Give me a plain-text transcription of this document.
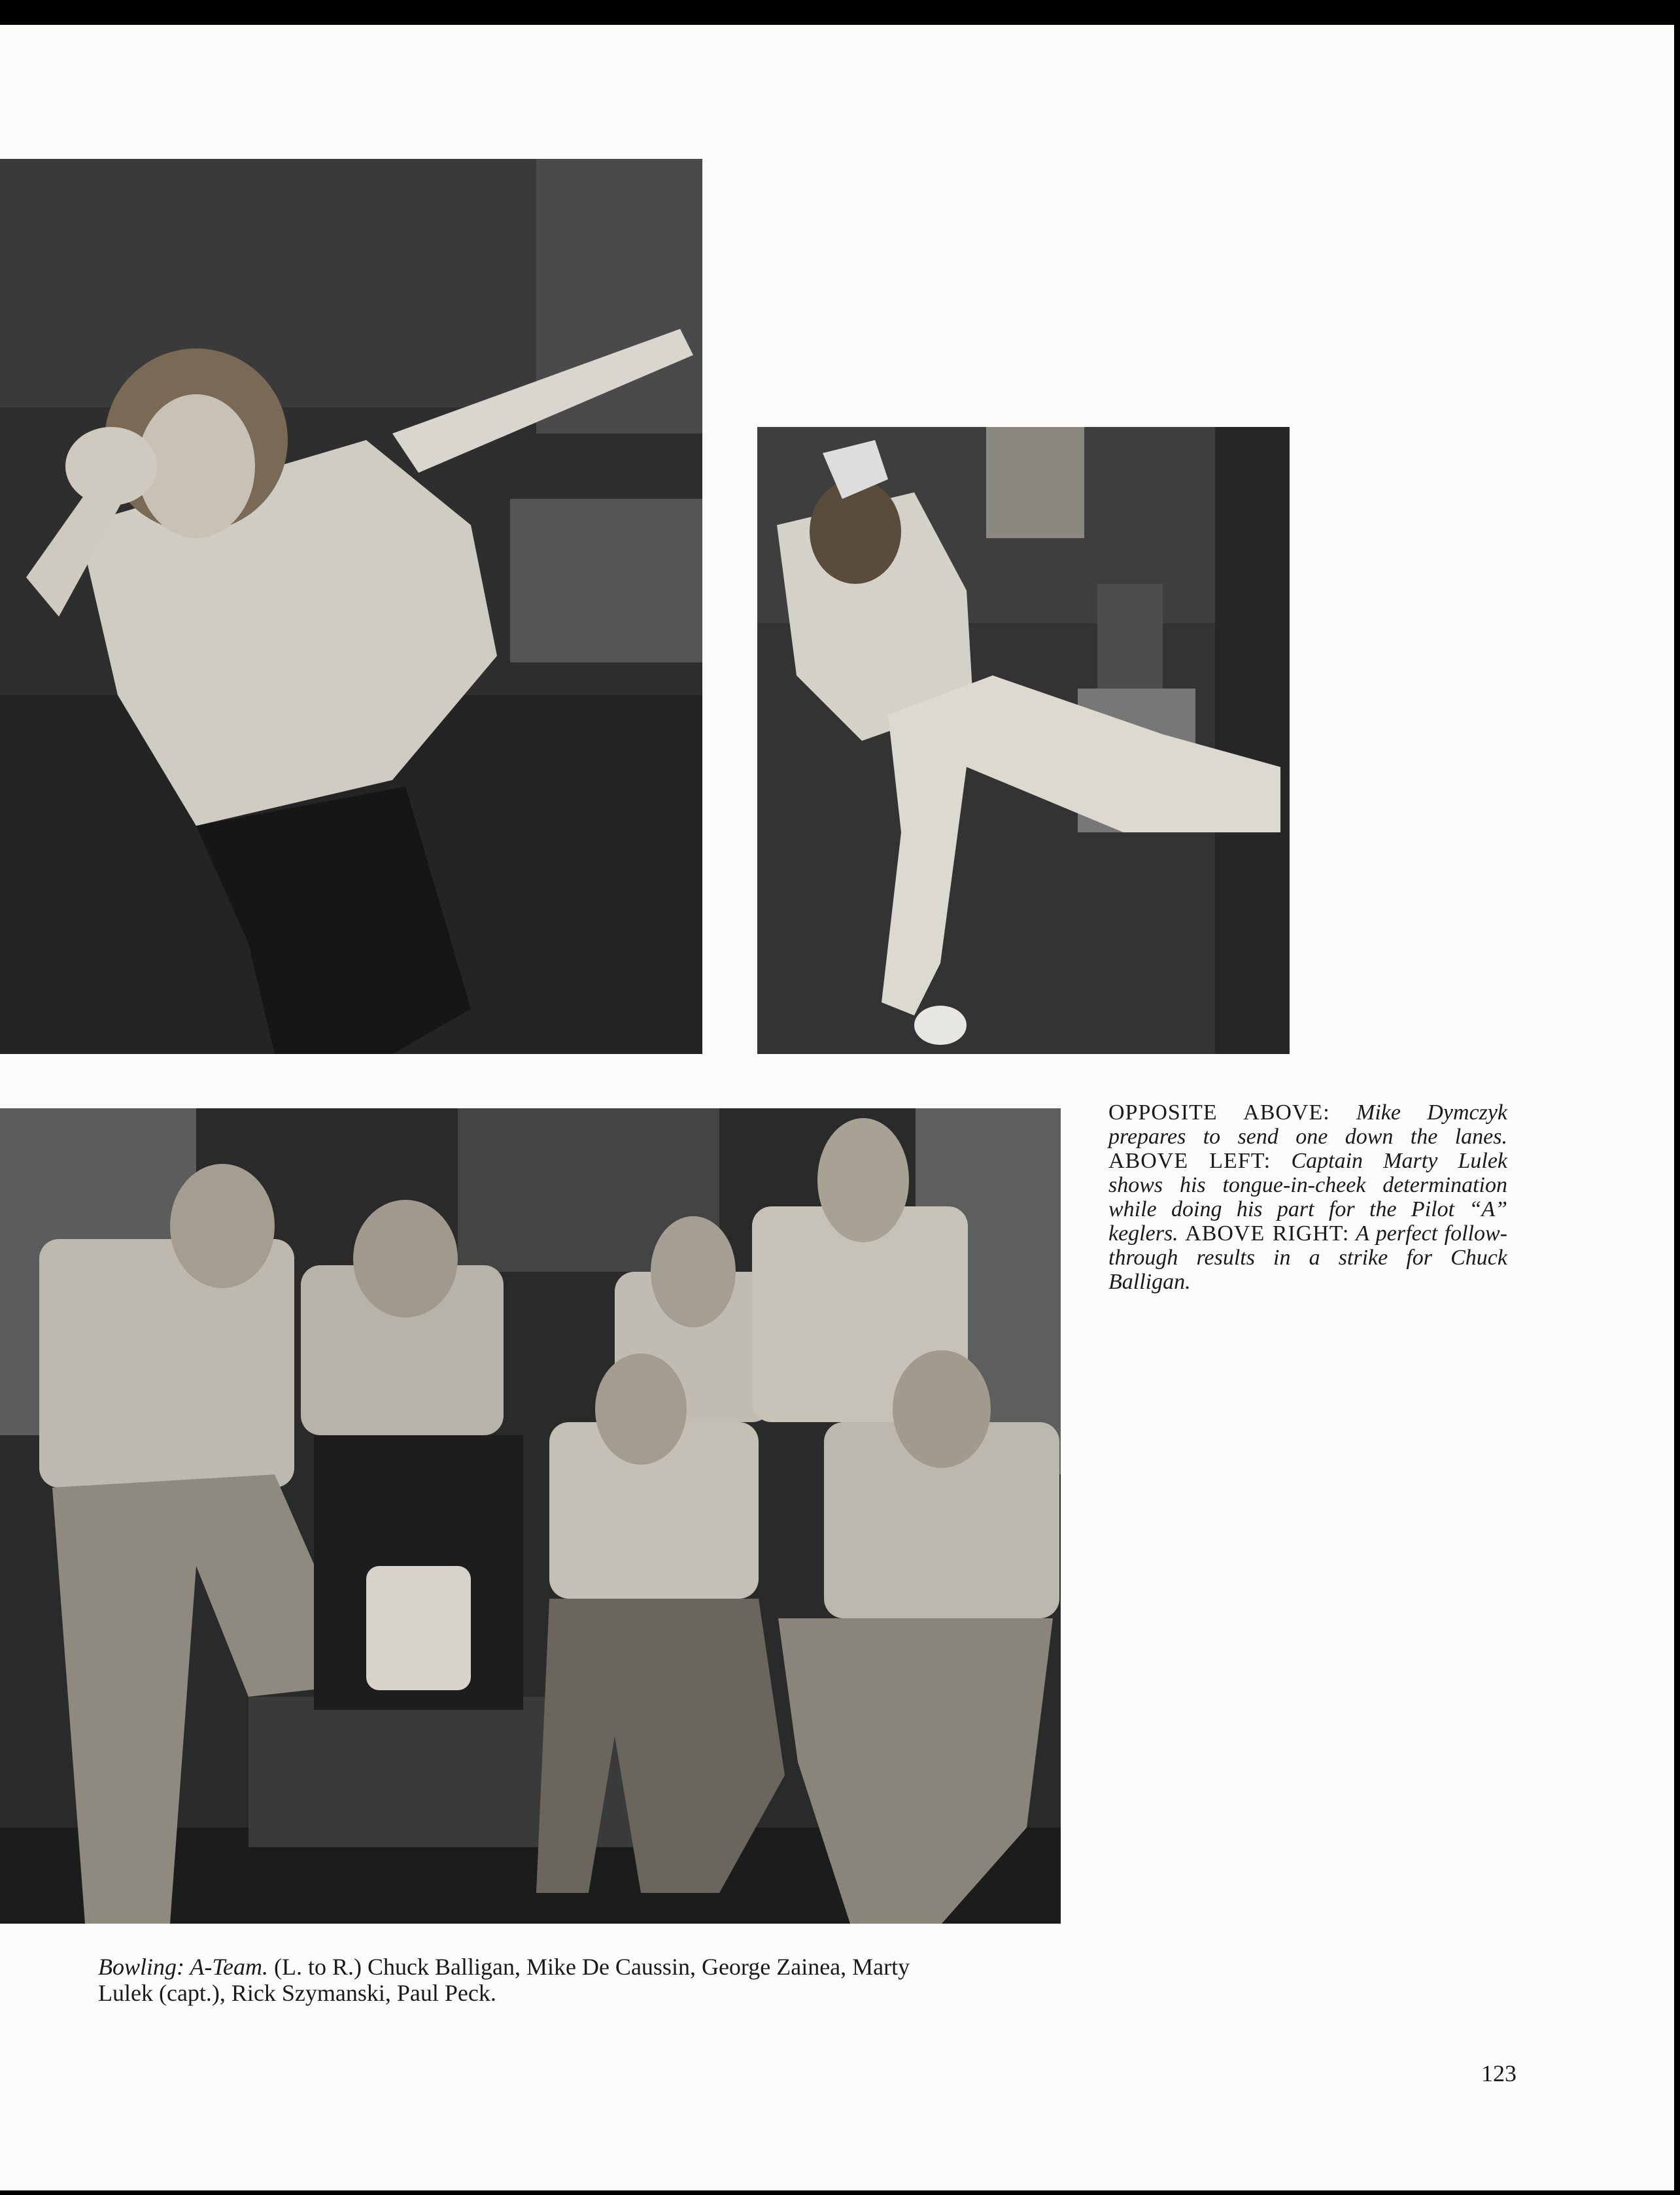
OPPOSITE ABOVE: Mike Dymczyk prepares to send one down the lanes. ABOVE LEFT: Captain Marty Lulek shows his tongue-in-cheek determination while doing his part for the Pilot “A” keglers. ABOVE RIGHT: A perfect follow-through results in a strike for Chuck Balligan.
Bowling: A-Team. (L. to R.) Chuck Balligan, Mike De Caussin, George Zainea, Marty Lulek (capt.), Rick Szymanski, Paul Peck.
123
